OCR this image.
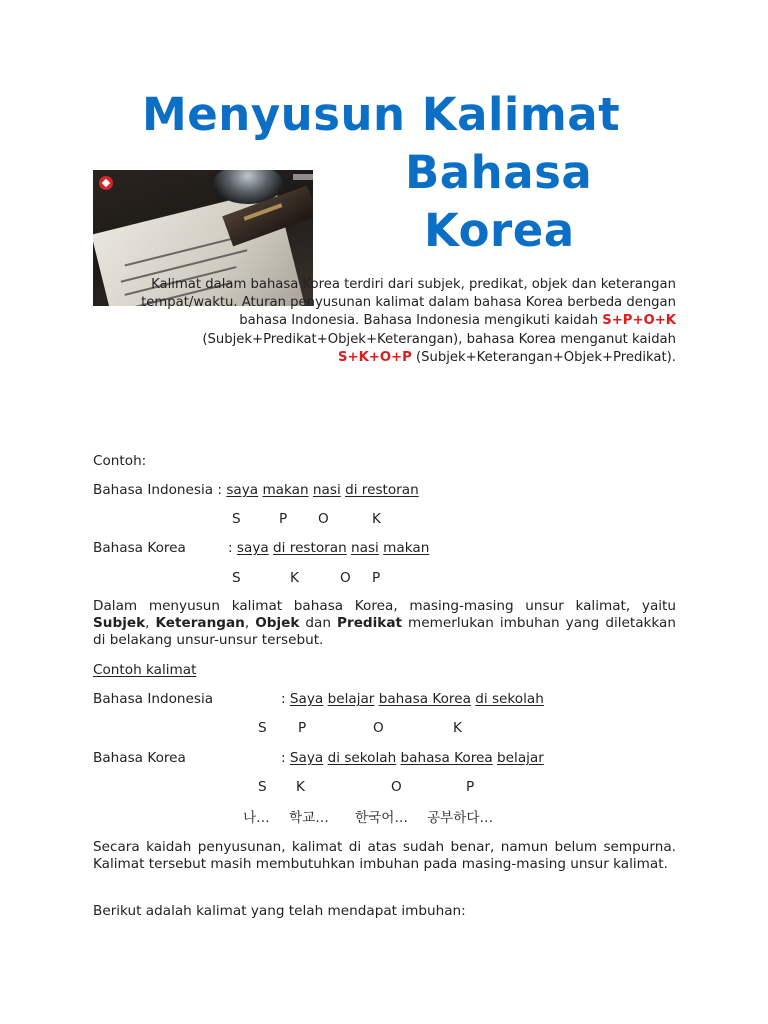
Menyusun Kalimat
Bahasa
Korea
Kalimat dalam bahasa Korea terdiri dari subjek, predikat, objek dan keterangan tempat/waktu. Aturan penyusunan kalimat dalam bahasa Korea berbeda dengan bahasa Indonesia. Bahasa Indonesia mengikuti kaidah S+P+O+K (Subjek+Predikat+Objek+Keterangan), bahasa Korea menganut kaidah S+K+O+P (Subjek+Keterangan+Objek+Predikat).
Contoh:
Bahasa Indonesia : saya makan nasi di restoran
S	P O	K
Bahasa Korea	: saya di restoran nasi makan
S	K	O P
Dalam menyusun kalimat bahasa Korea, masing-masing unsur kalimat, yaitu Subjek, Keterangan, Objek dan Predikat memerlukan imbuhan yang diletakkan di belakang unsur-unsur tersebut.
Contoh kalimat
Bahasa Indonesia	: Saya belajar bahasa Korea di sekolah
S P	O	K
Bahasa Korea	: Saya di sekolah bahasa Korea belajar
S K	O	P
나… 학교… 한국어… 공부하다…
Secara kaidah penyusunan, kalimat di atas sudah benar, namun belum sempurna. Kalimat tersebut masih membutuhkan imbuhan pada masing-masing unsur kalimat.
Berikut adalah kalimat yang telah mendapat imbuhan:
